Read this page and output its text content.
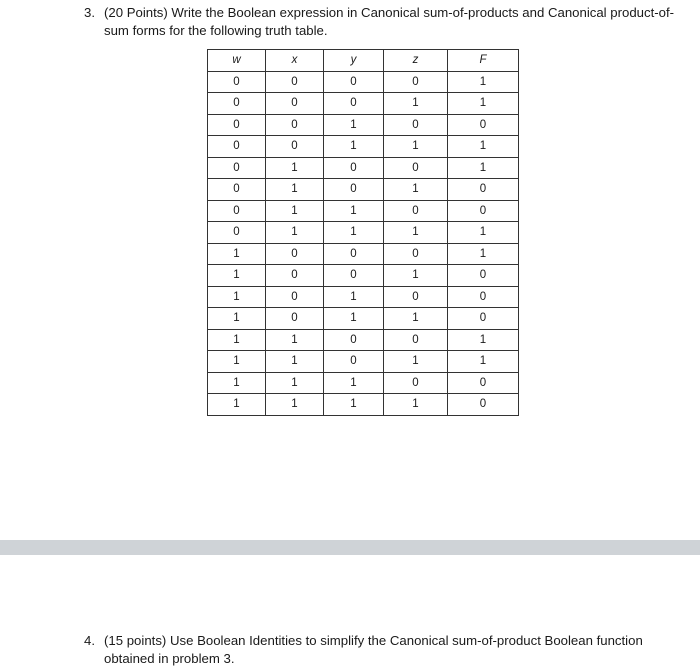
3. (20 Points) Write the Boolean expression in Canonical sum-of-products and Canonical product-of-sum forms for the following truth table.
w	x	y	z	F
0	0	0	0	1
0	0	0	1	1
0	0	1	0	0
0	0	1	1	1
0	1	0	0	1
0	1	0	1	0
0	1	1	0	0
0	1	1	1	1
1	0	0	0	1
1	0	0	1	0
1	0	1	0	0
1	0	1	1	0
1	1	0	0	1
1	1	0	1	1
1	1	1	0	0
1	1	1	1	0
4. (15 points) Use Boolean Identities to simplify the Canonical sum-of-product Boolean function obtained in problem 3.
